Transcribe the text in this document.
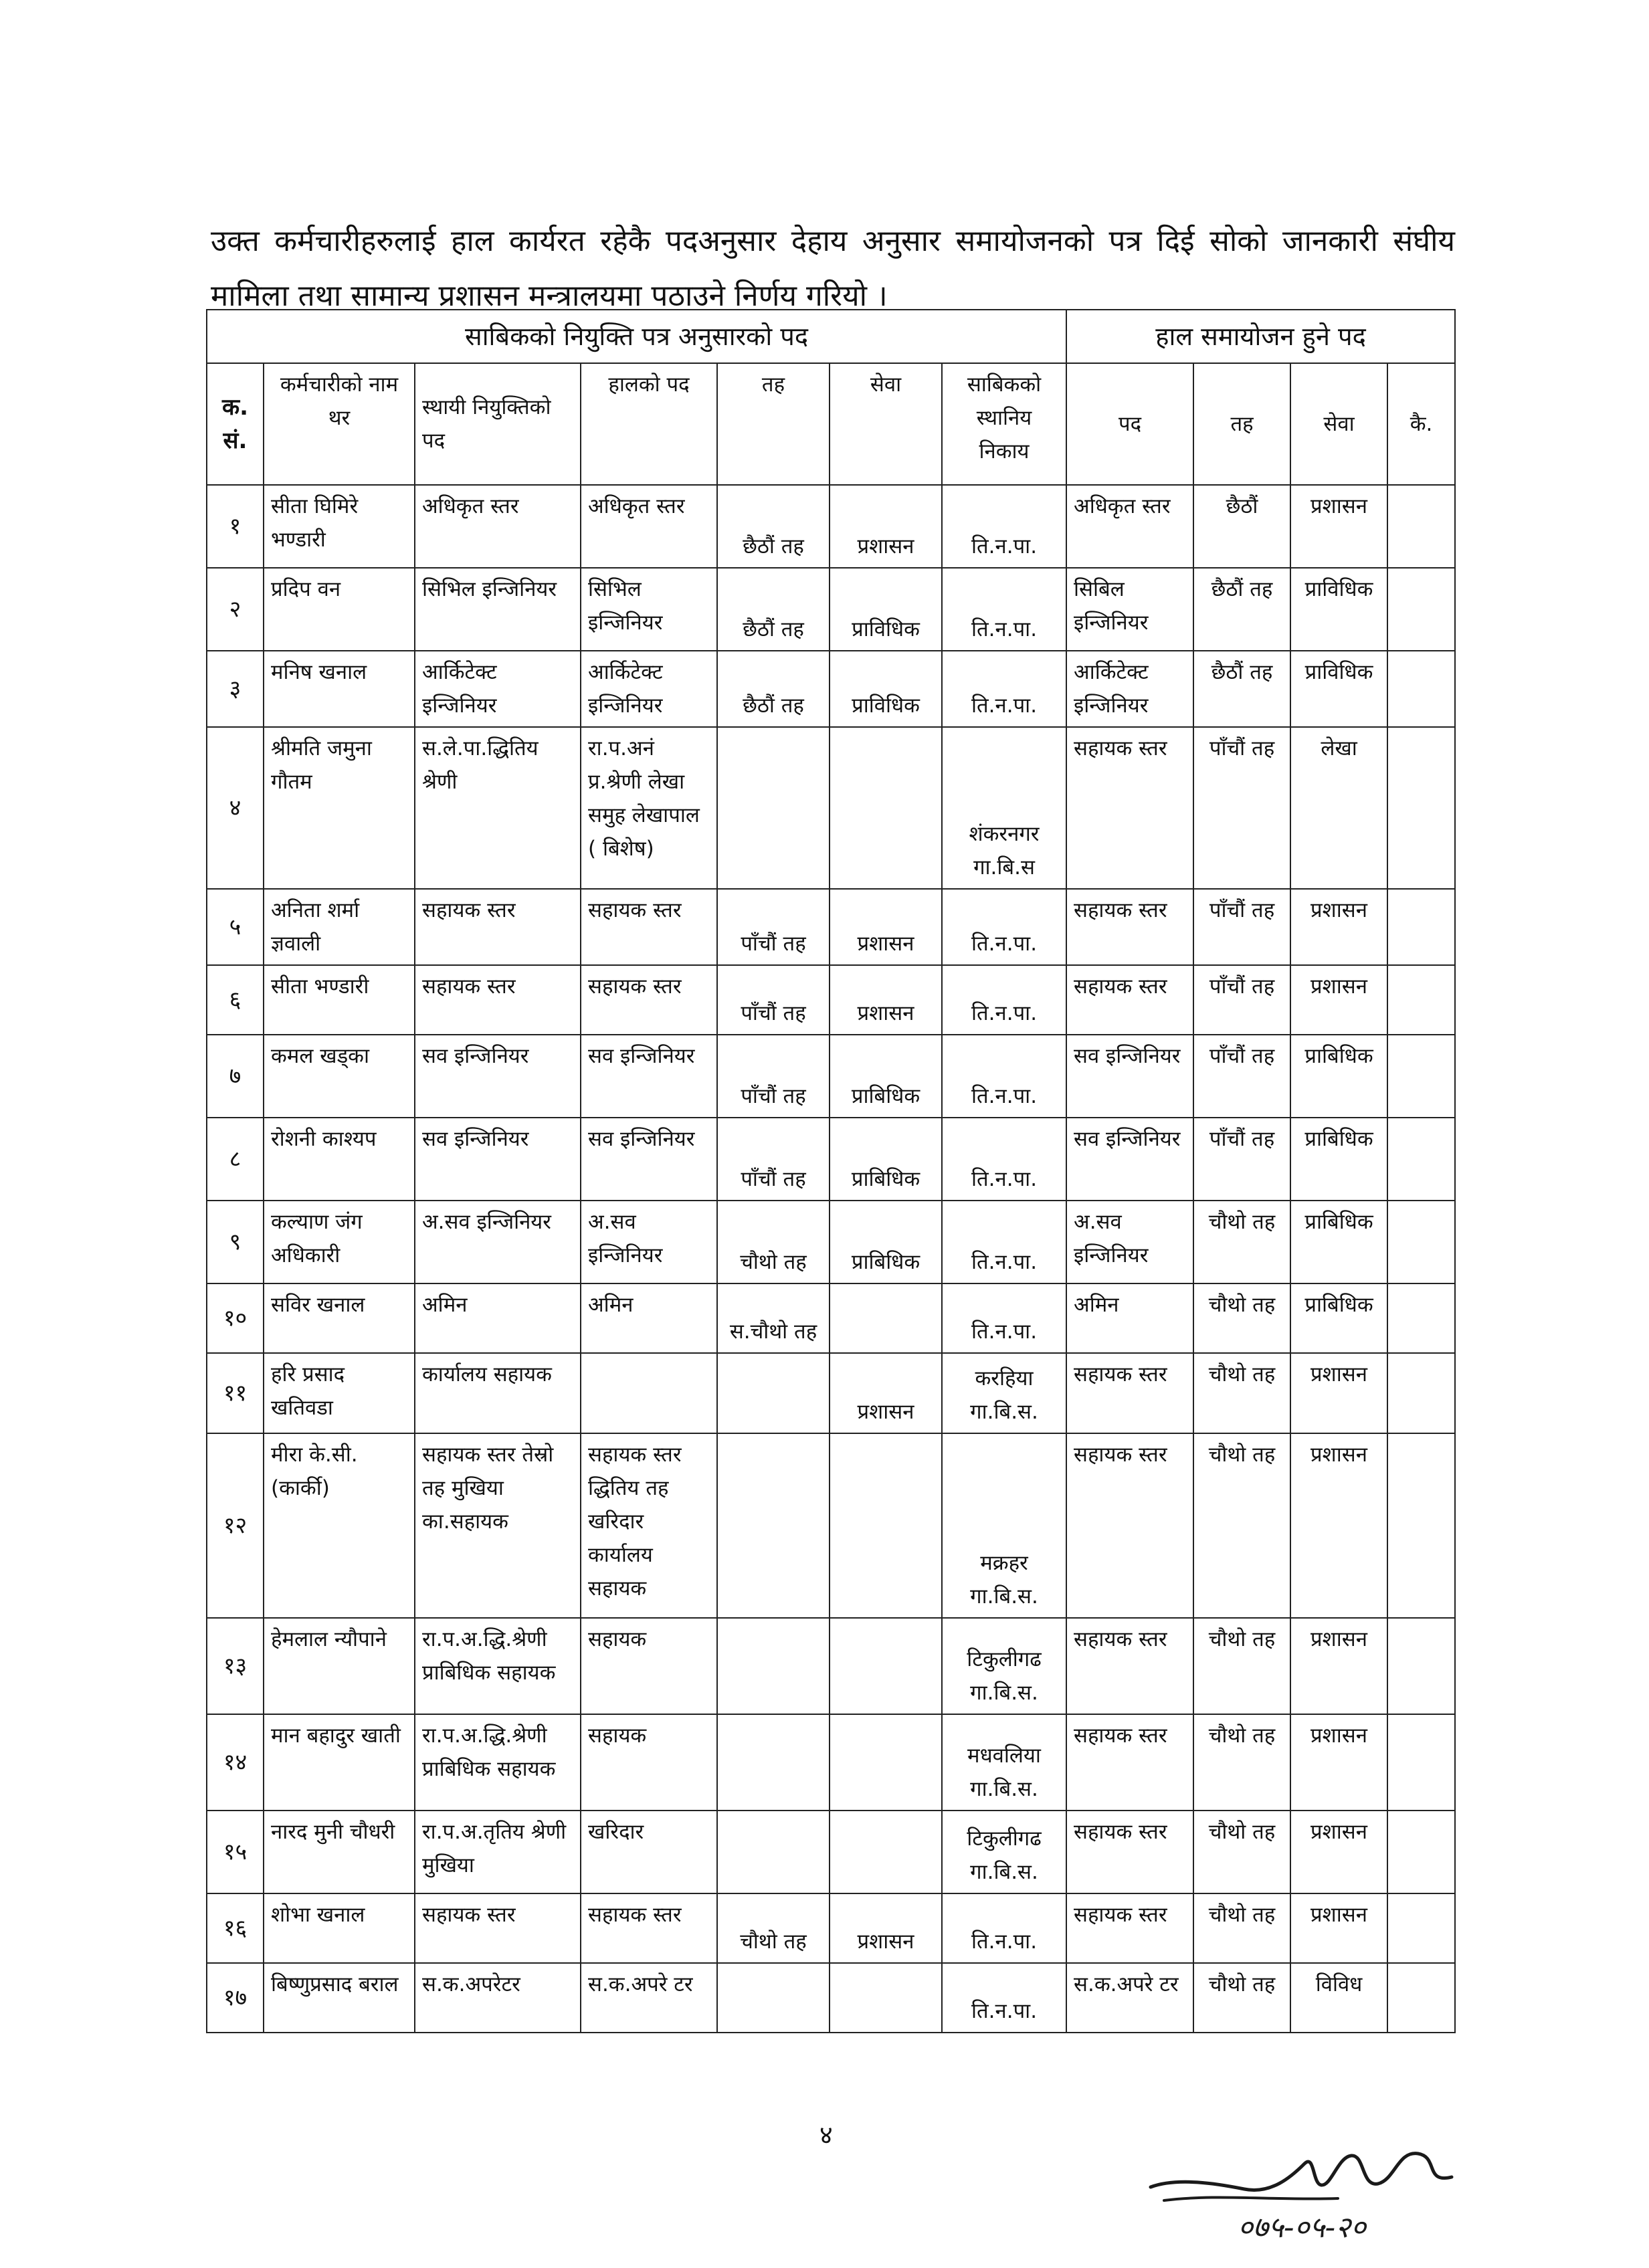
उक्त कर्मचारीहरुलाई हाल कार्यरत रहेकै पदअनुसार देहाय अनुसार समायोजनको पत्र दिई सोको जानकारी संघीय मामिला तथा सामान्य प्रशासन मन्त्रालयमा पठाउने निर्णय गरियो ।

साबिकको नियुक्ति पत्र अनुसारको पद							हाल समायोजन हुने पद			
क. सं.	कर्मचारीको नाम थर	स्थायी नियुक्तिको पद	हालको पद	तह	सेवा	साबिकको स्थानिय निकाय	पद	तह	सेवा	कै.
१	सीता घिमिरे भण्डारी	अधिकृत स्तर	अधिकृत स्तर	छैठौं तह	प्रशासन	ति.न.पा.	अधिकृत स्तर	छैठौं	प्रशासन	
२	प्रदिप वन	सिभिल इन्जिनियर	सिभिल इन्जिनियर	छैठौं तह	प्राविधिक	ति.न.पा.	सिबिल इन्जिनियर	छैठौं तह	प्राविधिक	
३	मनिष खनाल	आर्किटेक्ट इन्जिनियर	आर्किटेक्ट इन्जिनियर	छैठौं तह	प्राविधिक	ति.न.पा.	आर्किटेक्ट इन्जिनियर	छैठौं तह	प्राविधिक	
४	श्रीमति जमुना गौतम	स.ले.पा.द्धितिय श्रेणी	रा.प.अनं प्र.श्रेणी लेखा समुह लेखापाल ( बिशेष)			शंकरनगर गा.बि.स	सहायक स्तर	पाँचौं तह	लेखा	
५	अनिता शर्मा ज्ञवाली	सहायक स्तर	सहायक स्तर	पाँचौं तह	प्रशासन	ति.न.पा.	सहायक स्तर	पाँचौं तह	प्रशासन	
६	सीता भण्डारी	सहायक स्तर	सहायक स्तर	पाँचौं तह	प्रशासन	ति.न.पा.	सहायक स्तर	पाँचौं तह	प्रशासन	
७	कमल खड्का	सव इन्जिनियर	सव इन्जिनियर	पाँचौं तह	प्राबिधिक	ति.न.पा.	सव इन्जिनियर	पाँचौं तह	प्राबिधिक	
८	रोशनी काश्यप	सव इन्जिनियर	सव इन्जिनियर	पाँचौं तह	प्राबिधिक	ति.न.पा.	सव इन्जिनियर	पाँचौं तह	प्राबिधिक	
९	कल्याण जंग अधिकारी	अ.सव इन्जिनियर	अ.सव इन्जिनियर	चौथो तह	प्राबिधिक	ति.न.पा.	अ.सव इन्जिनियर	चौथो तह	प्राबिधिक	
१०	सविर खनाल	अमिन	अमिन	स.चौथो तह		ति.न.पा.	अमिन	चौथो तह	प्राबिधिक	
११	हरि प्रसाद खतिवडा	कार्यालय सहायक			प्रशासन	करहिया गा.बि.स.	सहायक स्तर	चौथो तह	प्रशासन	
१२	मीरा के.सी. (कार्की)	सहायक स्तर तेस्रो तह मुखिया का.सहायक	सहायक स्तर द्धितिय तह खरिदार कार्यालय सहायक			मक्रहर गा.बि.स.	सहायक स्तर	चौथो तह	प्रशासन	
१३	हेमलाल न्यौपाने	रा.प.अ.द्धि.श्रेणी प्राबिधिक सहायक	सहायक			टिकुलीगढ गा.बि.स.	सहायक स्तर	चौथो तह	प्रशासन	
१४	मान बहादुर खाती	रा.प.अ.द्धि.श्रेणी प्राबिधिक सहायक	सहायक			मधवलिया गा.बि.स.	सहायक स्तर	चौथो तह	प्रशासन	
१५	नारद मुनी चौधरी	रा.प.अ.तृतिय श्रेणी मुखिया	खरिदार			टिकुलीगढ गा.बि.स.	सहायक स्तर	चौथो तह	प्रशासन	
१६	शोभा खनाल	सहायक स्तर	सहायक स्तर	चौथो तह	प्रशासन	ति.न.पा.	सहायक स्तर	चौथो तह	प्रशासन	
१७	बिष्णुप्रसाद बराल	स.क.अपरेटर	स.क.अपरे टर			ति.न.पा.	स.क.अपरे टर	चौथो तह	विविध	
४
०७५-०५-२०
